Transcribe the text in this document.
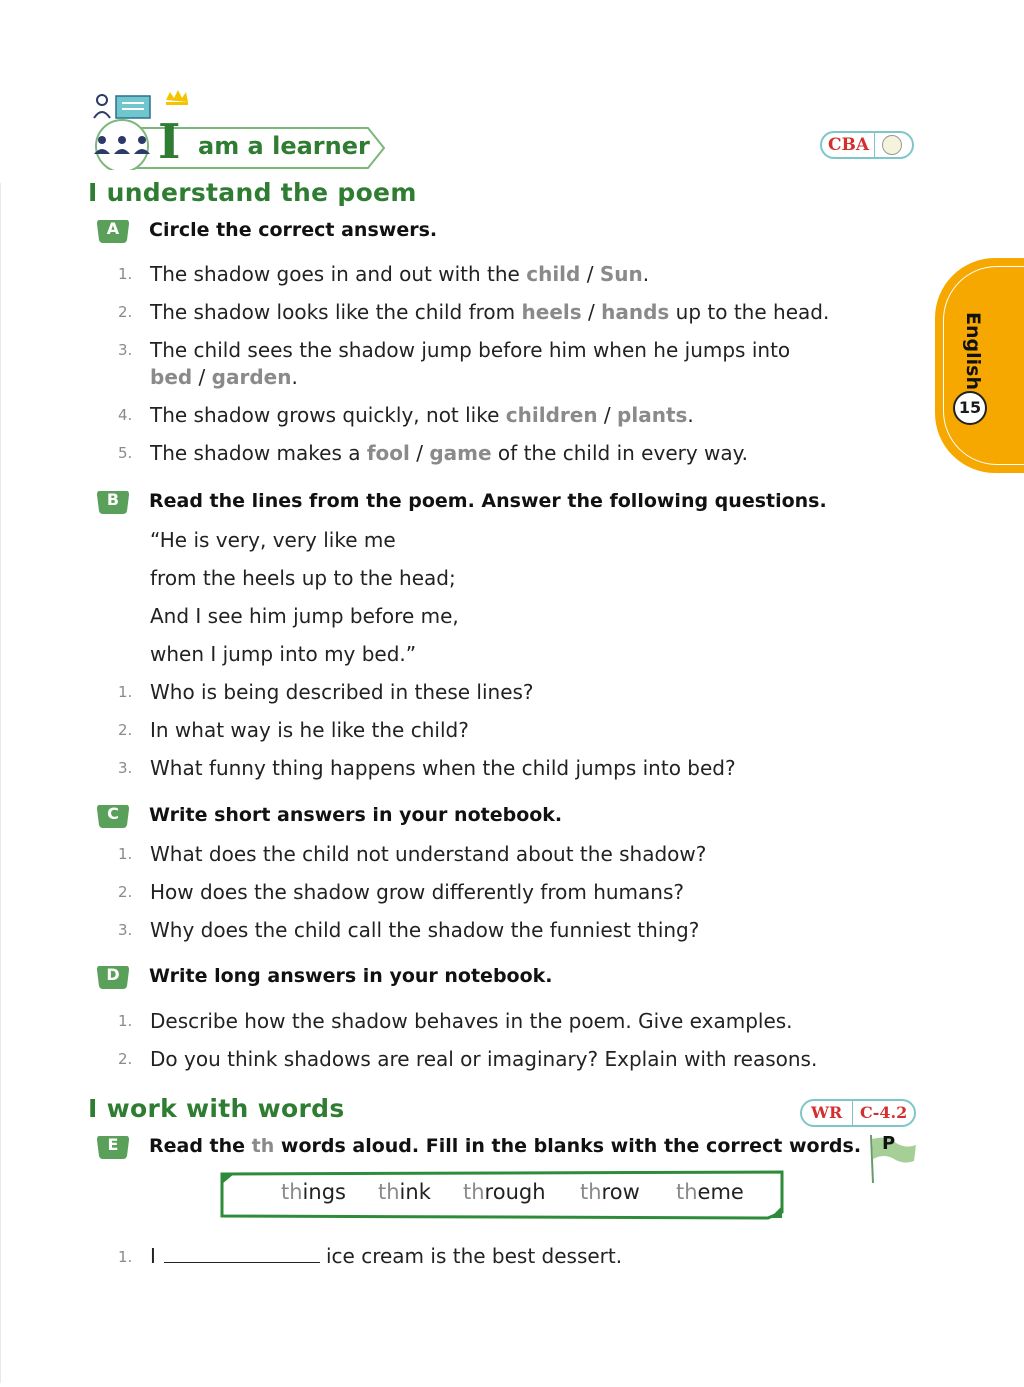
I am a learner	CBA
English
15
I understand the poem
A	Circle the correct answers.
1. The shadow goes in and out with the child / Sun.
2. The shadow looks like the child from heels / hands up to the head.
3. The child sees the shadow jump before him when he jumps into
bed / garden.
4. The shadow grows quickly, not like children / plants.
5. The shadow makes a fool / game of the child in every way.
B	Read the lines from the poem. Answer the following questions.
“He is very, very like me
from the heels up to the head;
And I see him jump before me,
when I jump into my bed.”
1. Who is being described in these lines?
2. In what way is he like the child?
3. What funny thing happens when the child jumps into bed?
C	Write short answers in your notebook.
1. What does the child not understand about the shadow?
2. How does the shadow grow differently from humans?
3. Why does the child call the shadow the funniest thing?
D	Write long answers in your notebook.
1. Describe how the shadow behaves in the poem. Give examples.
2. Do you think shadows are real or imaginary? Explain with reasons.
I work with words	WR C-4.2
P
E	Read the th words aloud. Fill in the blanks with the correct words.
things think through throw theme
1. I	ice cream is the best dessert.
